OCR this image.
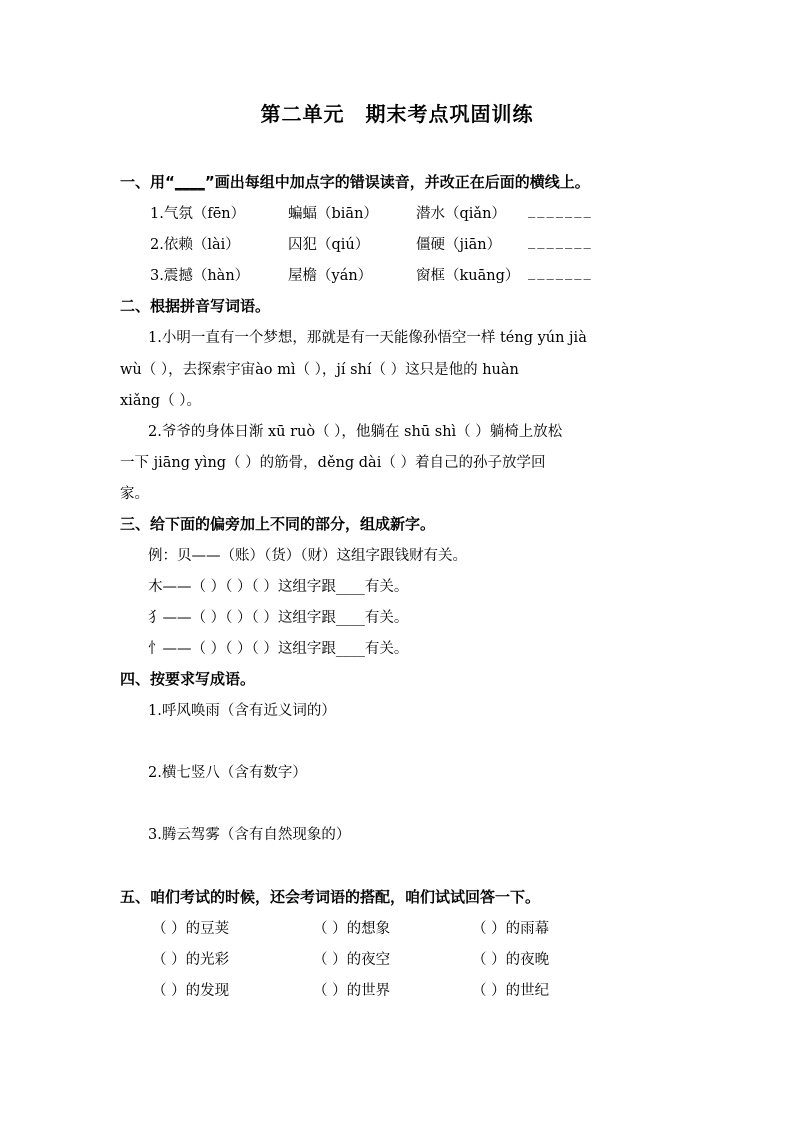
第二单元　期末考点巩固训练
一、用“____”画出每组中加点字的错误读音，并改正在后面的横线上。
1.气氛（fēn）	蝙蝠（biān）	潜水（qiǎn） _______
2.依赖（lài）	囚犯（qiú）	僵硬（jiān） _______
3.震撼（hàn）	屋檐（yán）	窗框（kuāng） _______
二、根据拼音写词语。
1.小明一直有一个梦想，那就是有一天能像孙悟空一样 téng yún jià
wù（ ），去探索宇宙ào mì（ ），jí shí（ ）这只是他的 huàn
xiǎng（ ）。
2.爷爷的身体日渐 xū ruò（ ），他躺在 shū shì（ ）躺椅上放松
一下 jiāng yìng（ ）的筋骨，děng dài（ ）着自己的孙子放学回
家。
三、给下面的偏旁加上不同的部分，组成新字。
例：贝——（账）（货）（财）这组字跟钱财有关。
木——（ ）（ ）（ ）这组字跟____有关。
犭——（ ）（ ）（ ）这组字跟____有关。
忄——（ ）（ ）（ ）这组字跟____有关。
四、按要求写成语。
1.呼风唤雨（含有近义词的）
2.横七竖八（含有数字）
3.腾云驾雾（含有自然现象的）
五、咱们考试的时候，还会考词语的搭配，咱们试试回答一下。
（ ）的豆荚	（ ）的想象	（ ）的雨幕
（ ）的光彩	（ ）的夜空	（ ）的夜晚
（ ）的发现	（ ）的世界	（ ）的世纪
